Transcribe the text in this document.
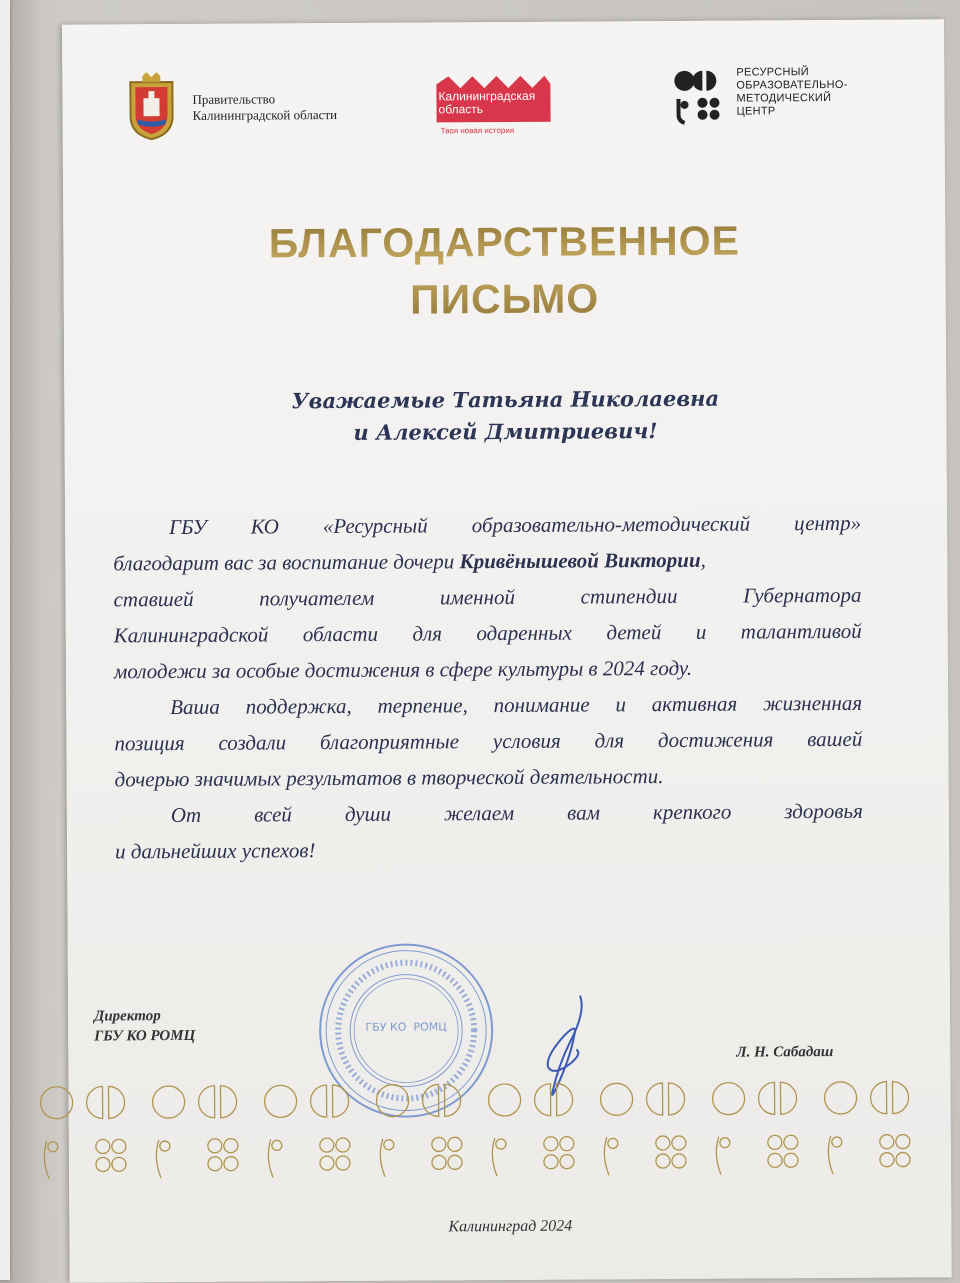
Правительство
Калининградской области
Калининградская
область
Твоя новая история
РЕСУРСНЫЙ
ОБРАЗОВАТЕЛЬНО-
МЕТОДИЧЕСКИЙ
ЦЕНТР
БЛАГОДАРСТВЕННОЕ
ПИСЬМО
Уважаемые Татьяна Николаевна
и Алексей Дмитриевич!
ГБУ КО «Ресурсный образовательно-методический центр»
благодарит вас за воспитание дочери
Кривёнышевой Виктории ,
ставшей	получателем	именной	стипендии	Губернатора
Калининградской области для одаренных детей и талантливой
молодежи за особые достижения в сфере культуры в 2024 году.
Ваша поддержка, терпение, понимание и активная жизненная
позиция создали благоприятные условия для достижения вашей
дочерью значимых результатов в творческой деятельности.
От	всей	души	желаем	вам	крепкого	здоровья
и дальнейших успехов!
ГБУ КО  РОМЦ
Директор
ГБУ КО РОМЦ
Л. Н. Сабадаш
Калининград 2024
